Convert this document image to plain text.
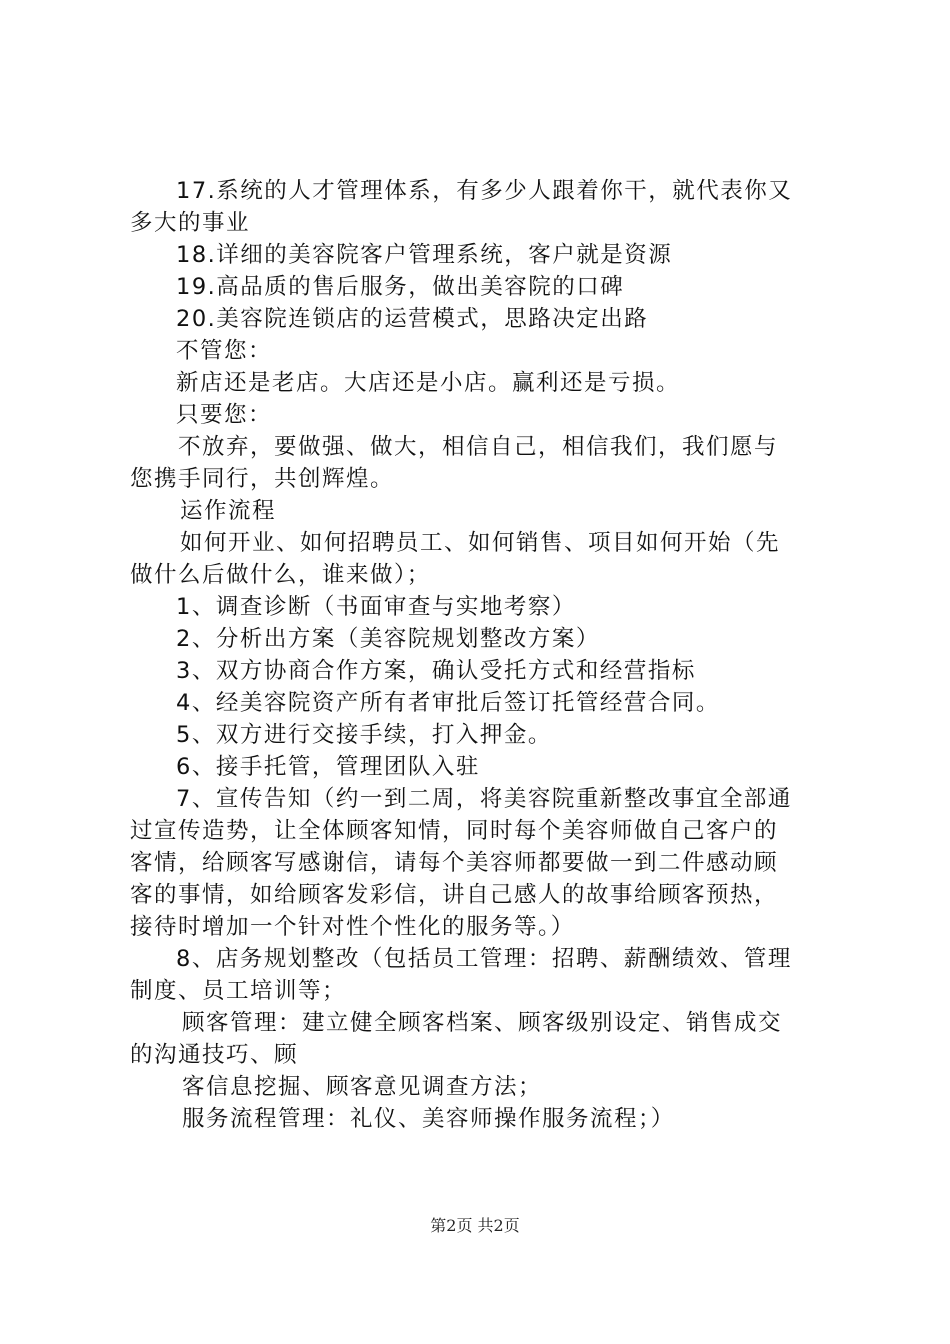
17.系统的人才管理体系，有多少人跟着你干，就代表你又
多大的事业
18.详细的美容院客户管理系统，客户就是资源
19.高品质的售后服务，做出美容院的口碑
20.美容院连锁店的运营模式，思路决定出路
不管您：
新店还是老店。大店还是小店。赢利还是亏损。
只要您：
不放弃，要做强、做大，相信自己，相信我们，我们愿与
您携手同行，共创辉煌。
运作流程
如何开业、如何招聘员工、如何销售、项目如何开始（先
做什么后做什么，谁来做）；
1、调查诊断（书面审查与实地考察）
2、分析出方案（美容院规划整改方案）
3、双方协商合作方案，确认受托方式和经营指标
4、经美容院资产所有者审批后签订托管经营合同。
5、双方进行交接手续，打入押金。
6、接手托管，管理团队入驻
7、宣传告知（约一到二周，将美容院重新整改事宜全部通
过宣传造势，让全体顾客知情，同时每个美容师做自己客户的
客情，给顾客写感谢信，请每个美容师都要做一到二件感动顾
客的事情，如给顾客发彩信，讲自己感人的故事给顾客预热，
接待时增加一个针对性个性化的服务等。）
8、店务规划整改（包括员工管理：招聘、薪酬绩效、管理
制度、员工培训等；
顾客管理：建立健全顾客档案、顾客级别设定、销售成交
的沟通技巧、顾
客信息挖掘、顾客意见调查方法；
服务流程管理：礼仪、美容师操作服务流程；）
第2页 共2页
